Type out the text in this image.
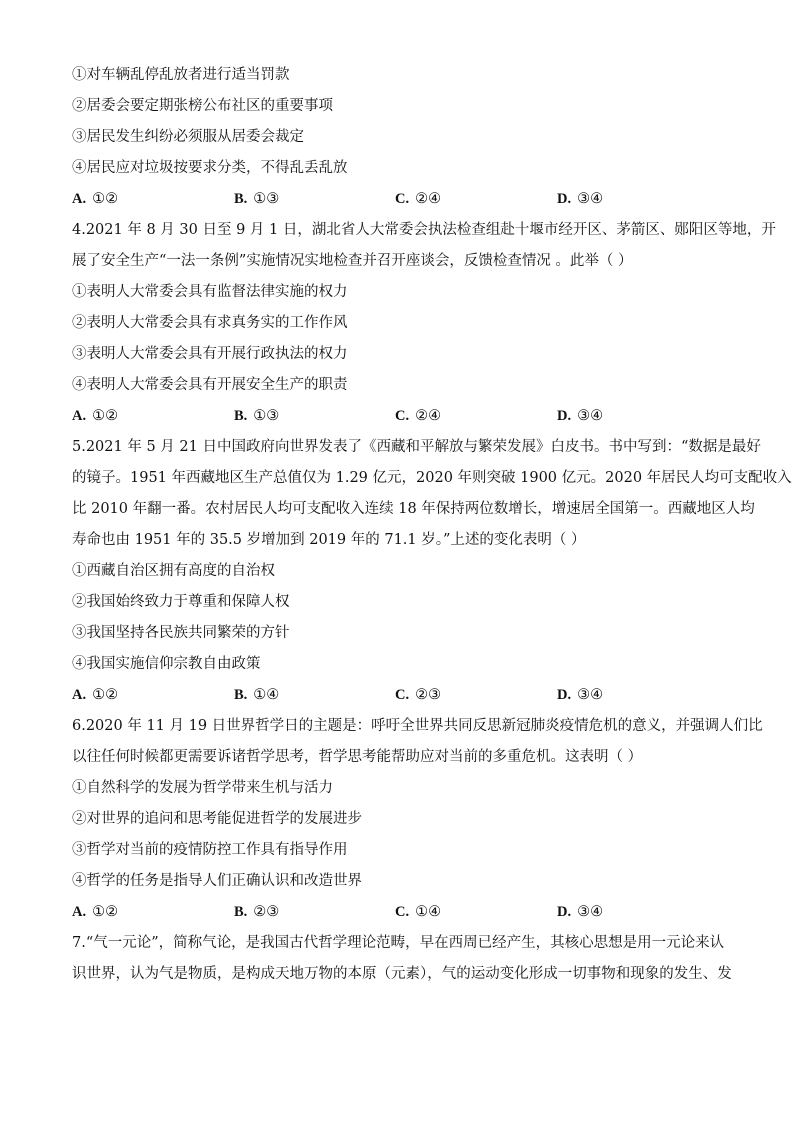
①对车辆乱停乱放者进行适当罚款
②居委会要定期张榜公布社区的重要事项
③居民发生纠纷必须服从居委会裁定
④居民应对垃圾按要求分类，不得乱丢乱放
A. ①②	B. ①③	C. ②④	D. ③④
4.2021 年 8 月 30 日至 9 月 1 日，湖北省人大常委会执法检查组赴十堰市经开区、茅箭区、郧阳区等地，开
展了安全生产“一法一条例”实施情况实地检查并召开座谈会，反馈检查情况 。此举（ ）
①表明人大常委会具有监督法律实施的权力
②表明人大常委会具有求真务实的工作作风
③表明人大常委会具有开展行政执法的权力
④表明人大常委会具有开展安全生产的职责
A. ①②	B. ①③	C. ②④	D. ③④
5.2021 年 5 月 21 日中国政府向世界发表了《西藏和平解放与繁荣发展》白皮书。书中写到：“数据是最好
的镜子。1951 年西藏地区生产总值仅为 1.29 亿元，2020 年则突破 1900 亿元。2020 年居民人均可支配收入
比 2010 年翻一番。农村居民人均可支配收入连续 18 年保持两位数增长，增速居全国第一。西藏地区人均
寿命也由 1951 年的 35.5 岁增加到 2019 年的 71.1 岁。”上述的变化表明（ ）
①西藏自治区拥有高度的自治权
②我国始终致力于尊重和保障人权
③我国坚持各民族共同繁荣的方针
④我国实施信仰宗教自由政策
A. ①②	B. ①④	C. ②③	D. ③④
6.2020 年 11 月 19 日世界哲学日的主题是：呼吁全世界共同反思新冠肺炎疫情危机的意义，并强调人们比
以往任何时候都更需要诉诸哲学思考，哲学思考能帮助应对当前的多重危机。这表明（ ）
①自然科学的发展为哲学带来生机与活力
②对世界的追问和思考能促进哲学的发展进步
③哲学对当前的疫情防控工作具有指导作用
④哲学的任务是指导人们正确认识和改造世界
A. ①②	B. ②③	C. ①④	D. ③④
7.“气一元论”，简称气论，是我国古代哲学理论范畴，早在西周已经产生，其核心思想是用一元论来认
识世界，认为气是物质，是构成天地万物的本原（元素），气的运动变化形成一切事物和现象的发生、发
